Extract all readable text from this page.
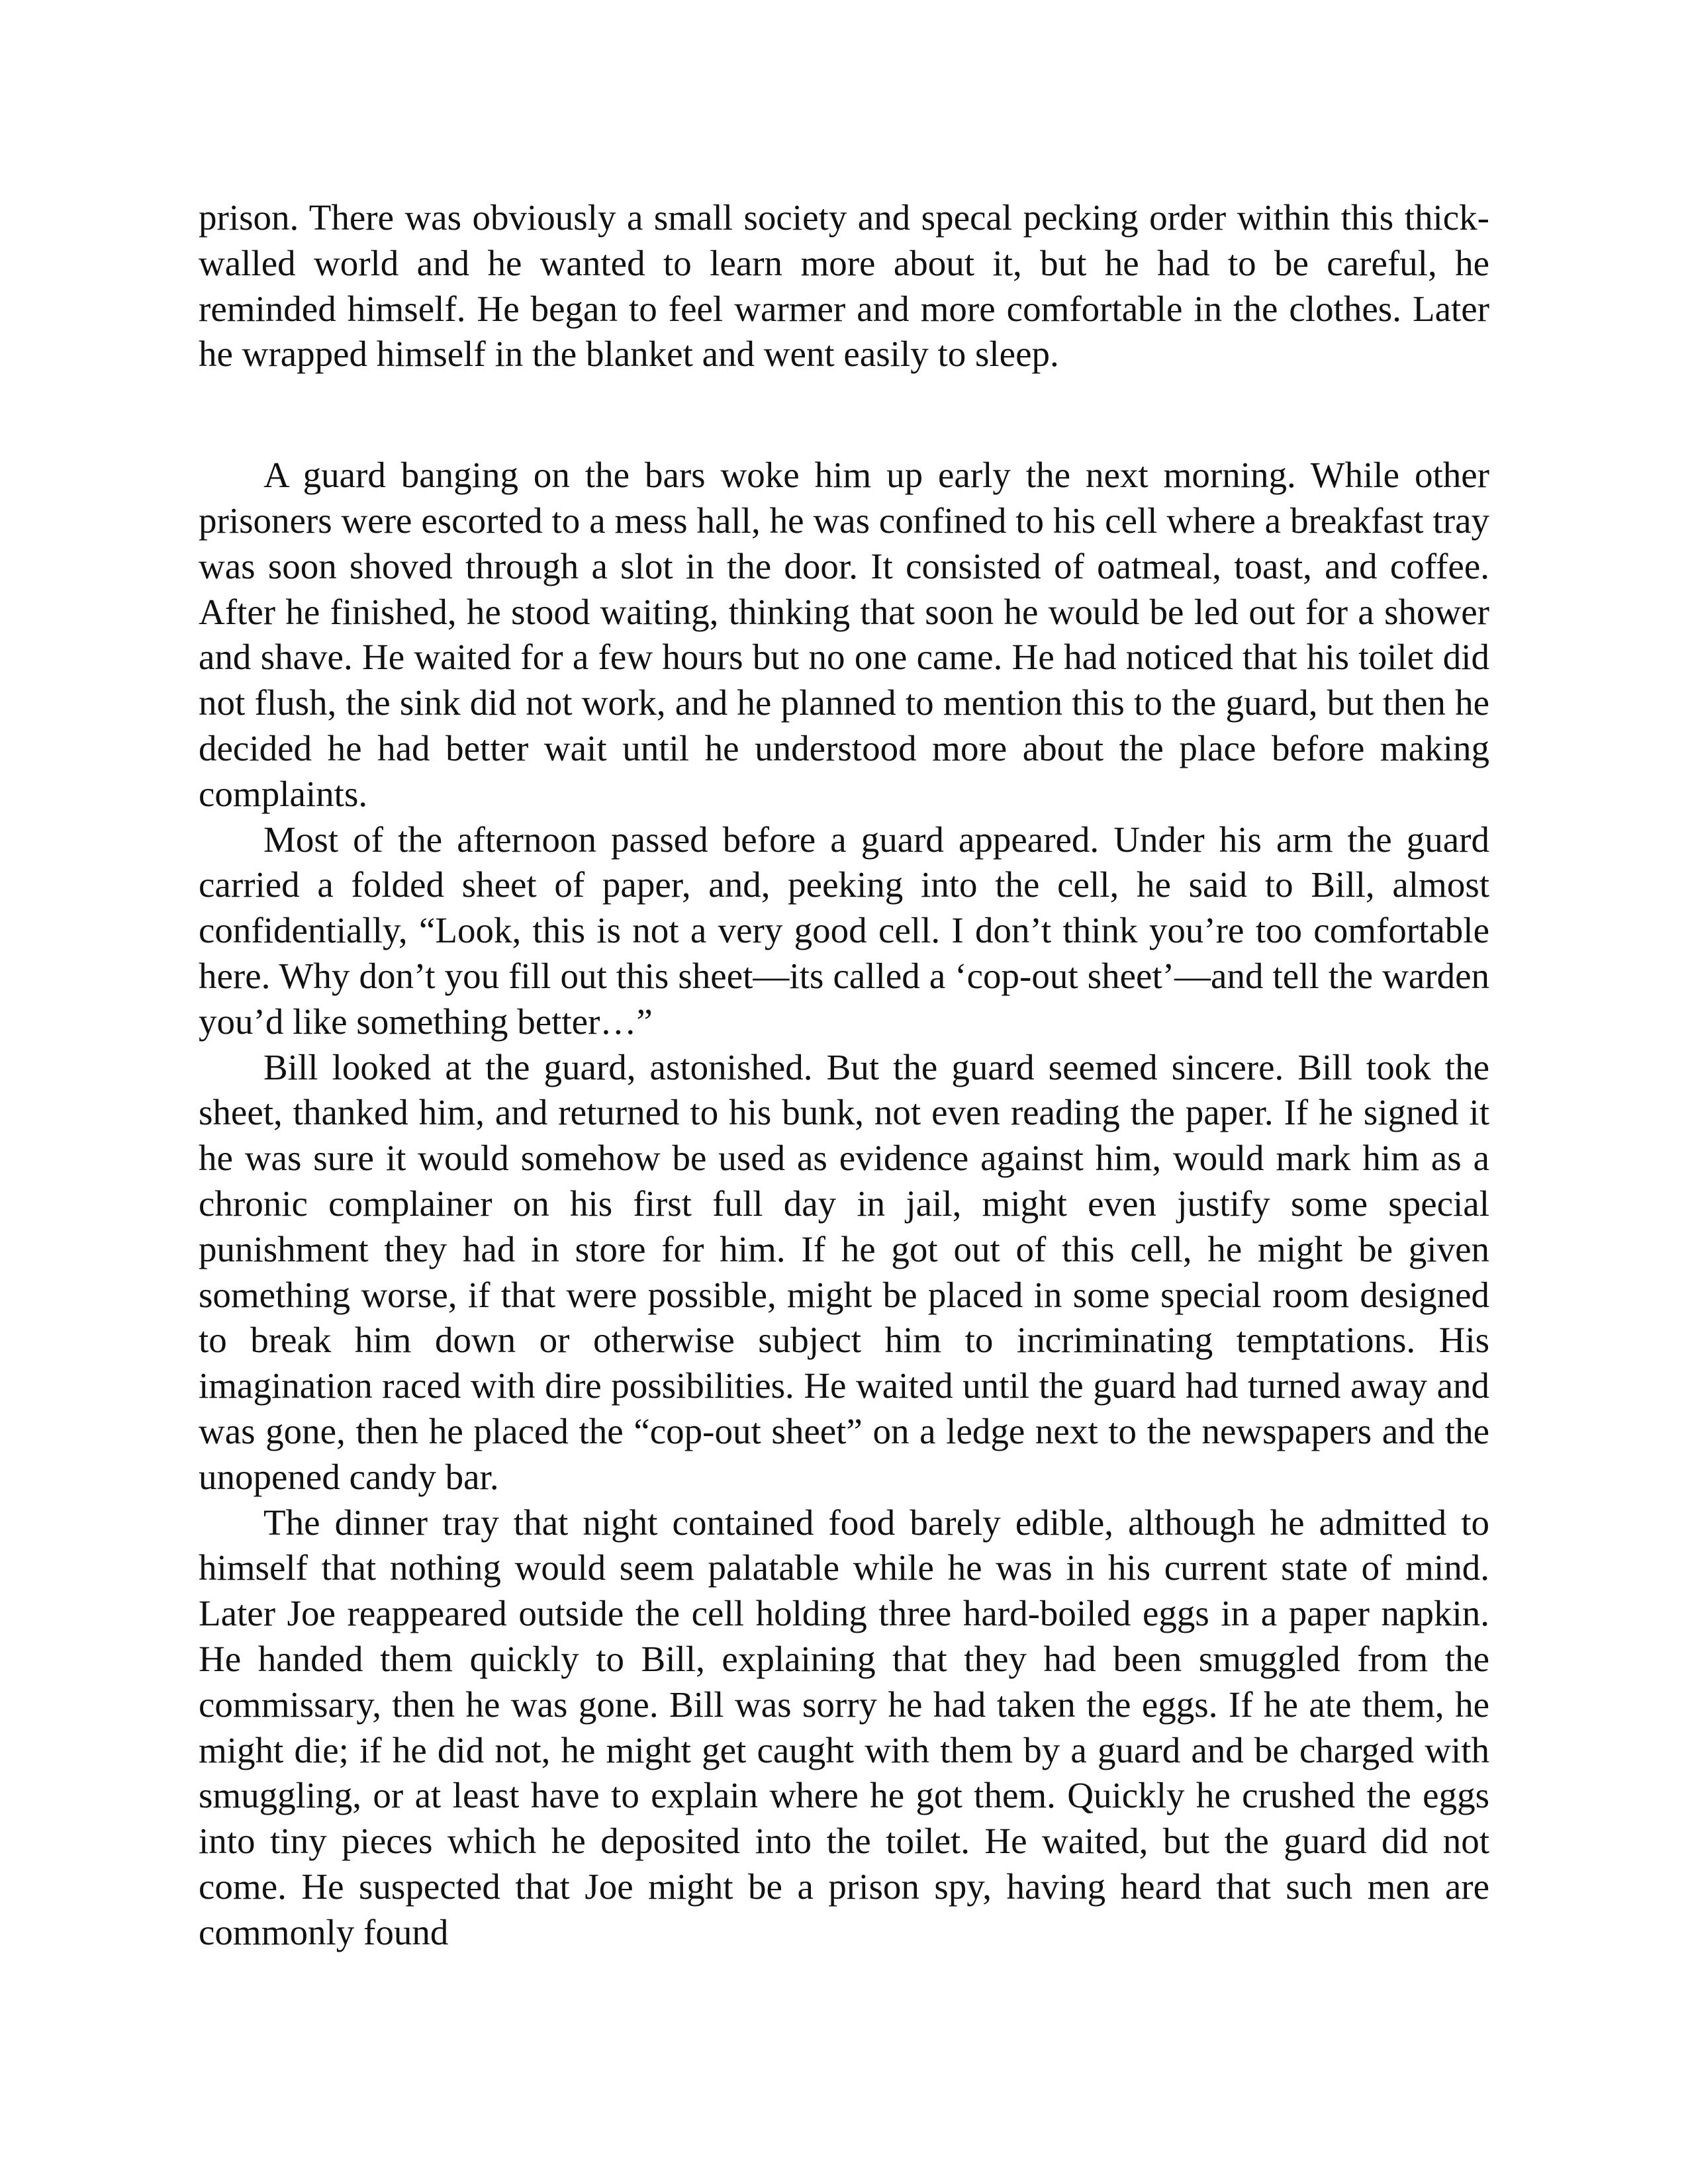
prison. There was obviously a small society and specal pecking order within this thick-walled world and he wanted to learn more about it, but he had to be careful, he reminded himself. He began to feel warmer and more comfortable in the clothes. Later he wrapped himself in the blanket and went easily to sleep.

A guard banging on the bars woke him up early the next morning. While other prisoners were escorted to a mess hall, he was confined to his cell where a breakfast tray was soon shoved through a slot in the door. It consisted of oatmeal, toast, and coffee. After he finished, he stood waiting, thinking that soon he would be led out for a shower and shave. He waited for a few hours but no one came. He had noticed that his toilet did not flush, the sink did not work, and he planned to mention this to the guard, but then he decided he had better wait until he understood more about the place before making complaints.

Most of the afternoon passed before a guard appeared. Under his arm the guard carried a folded sheet of paper, and, peeking into the cell, he said to Bill, almost confidentially, “Look, this is not a very good cell. I don’t think you’re too comfortable here. Why don’t you fill out this sheet—its called a ‘cop-out sheet’—and tell the warden you’d like something better…”

Bill looked at the guard, astonished. But the guard seemed sincere. Bill took the sheet, thanked him, and returned to his bunk, not even reading the paper. If he signed it he was sure it would somehow be used as evidence against him, would mark him as a chronic complainer on his first full day in jail, might even justify some special punishment they had in store for him. If he got out of this cell, he might be given something worse, if that were possible, might be placed in some special room designed to break him down or otherwise subject him to incriminating temptations. His imagination raced with dire possibilities. He waited until the guard had turned away and was gone, then he placed the “cop-out sheet” on a ledge next to the newspapers and the unopened candy bar.

The dinner tray that night contained food barely edible, although he admitted to himself that nothing would seem palatable while he was in his current state of mind. Later Joe reappeared outside the cell holding three hard-boiled eggs in a paper napkin. He handed them quickly to Bill, explaining that they had been smuggled from the commissary, then he was gone. Bill was sorry he had taken the eggs. If he ate them, he might die; if he did not, he might get caught with them by a guard and be charged with smuggling, or at least have to explain where he got them. Quickly he crushed the eggs into tiny pieces which he deposited into the toilet. He waited, but the guard did not come. He suspected that Joe might be a prison spy, having heard that such men are commonly found
